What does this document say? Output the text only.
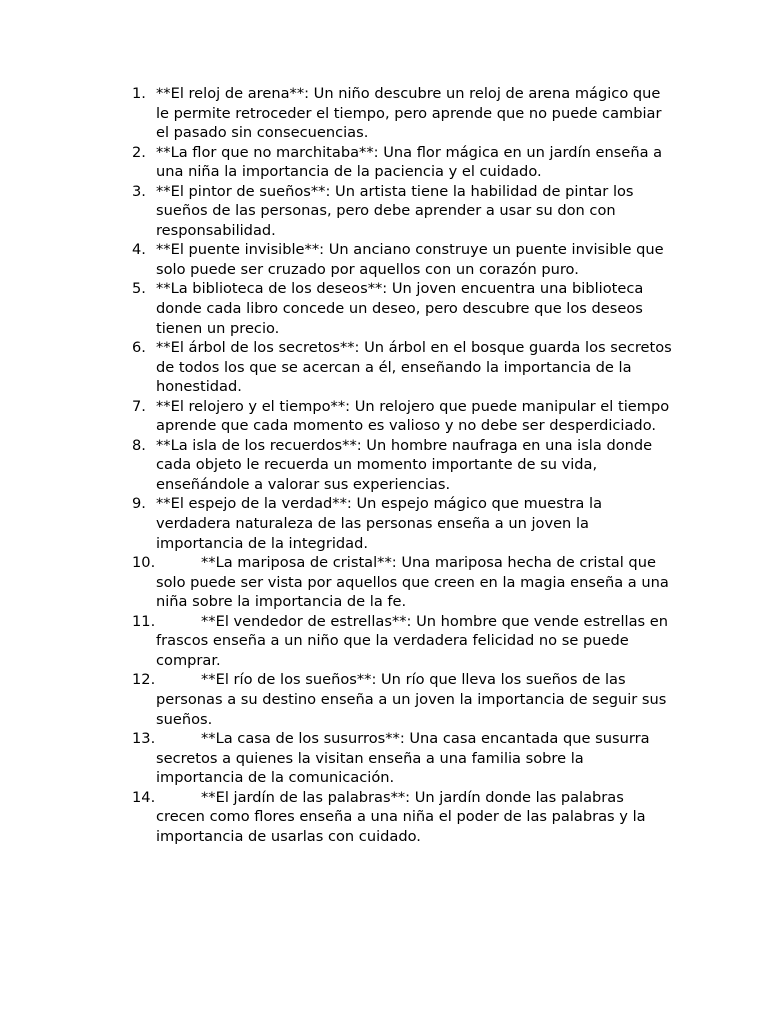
1. **El reloj de arena**: Un niño descubre un reloj de arena mágico que le permite retroceder el tiempo, pero aprende que no puede cambiar el pasado sin consecuencias.
2. **La flor que no marchitaba**: Una flor mágica en un jardín enseña a una niña la importancia de la paciencia y el cuidado.
3. **El pintor de sueños**: Un artista tiene la habilidad de pintar los sueños de las personas, pero debe aprender a usar su don con responsabilidad.
4. **El puente invisible**: Un anciano construye un puente invisible que solo puede ser cruzado por aquellos con un corazón puro.
5. **La biblioteca de los deseos**: Un joven encuentra una biblioteca donde cada libro concede un deseo, pero descubre que los deseos tienen un precio.
6. **El árbol de los secretos**: Un árbol en el bosque guarda los secretos de todos los que se acercan a él, enseñando la importancia de la honestidad.
7. **El relojero y el tiempo**: Un relojero que puede manipular el tiempo aprende que cada momento es valioso y no debe ser desperdiciado.
8. **La isla de los recuerdos**: Un hombre naufraga en una isla donde cada objeto le recuerda un momento importante de su vida, enseñándole a valorar sus experiencias.
9. **El espejo de la verdad**: Un espejo mágico que muestra la verdadera naturaleza de las personas enseña a un joven la importancia de la integridad.
10.	**La mariposa de cristal**: Una mariposa hecha de cristal que solo puede ser vista por aquellos que creen en la magia enseña a una niña sobre la importancia de la fe.
11.	**El vendedor de estrellas**: Un hombre que vende estrellas en frascos enseña a un niño que la verdadera felicidad no se puede comprar.
12.	**El río de los sueños**: Un río que lleva los sueños de las personas a su destino enseña a un joven la importancia de seguir sus sueños.
13.	**La casa de los susurros**: Una casa encantada que susurra secretos a quienes la visitan enseña a una familia sobre la importancia de la comunicación.
14.	**El jardín de las palabras**: Un jardín donde las palabras crecen como flores enseña a una niña el poder de las palabras y la importancia de usarlas con cuidado.
